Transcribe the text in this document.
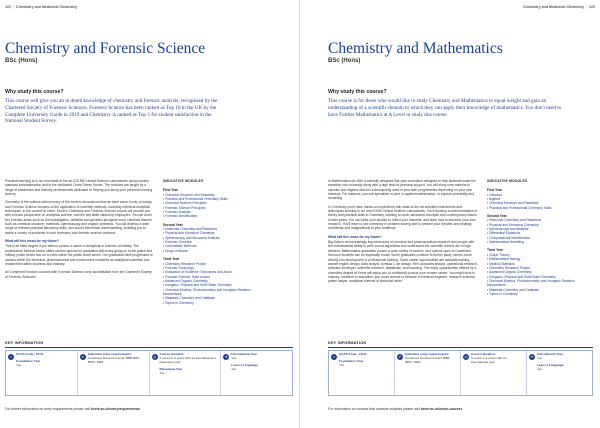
122 | Chemistry and Medicinal Chemistry
Chemistry and Forensic Science
BSc (Hons)
Why study this course?
This course will give you an in depth knowledge of chemistry and forensic analysis, recognised by the Chartered Society of Forensic Sciences. Forensic Science has been ranked as Top 10 in the UK by the Complete University Guide in 2019 and Chemistry is ranked as Top 5 for student satisfaction in the National Student Survey.

Practical teaching is in our new state of the art £25.5M Central Science Laboratories using industry standard instrumentation and in the dedicated Crime Scene House. The modules are taught by a range of academics and industry professionals dedicated to helping you along your personal learning journey.

Chemistry is the science behind many of the modern innovations that we have come to rely on today, and Forensic Science focuses on the application of scientific methods, including chemical analytical techniques, in the context of crime. Keele's Chemistry and Forensic Science course will provide you with a broad perspective on analytical science, and the key skills valued by employers. You will cover key forensic areas such as fire investigation, ballistics and genetics alongside more chemical themes such as chemical structure, materials, spectroscopy and organic synthesis. You will develop a wide range of relevant practical laboratory skills, and sound theoretical understanding, enabling you to tackle a variety of problems in both chemistry and forensic science contexts.

What will this mean for my future?

This is an ideal degree if you wish to pursue a career in analytical or forensic chemistry. The professional forensic sector offers various options for graduates with many going on to the police and military police forces and on to roles within the public crime sector. Our graduates have progressed to careers within the chemical, pharmaceutical and environment industries as analytical scientists and researchers within business and industry.

All Combined Honours courses with Forensic Science carry accreditation from the Chartered Society of Forensic Sciences.

INDICATIVE MODULES
First Year
• Chemical Structure and Reactivity
• Practical and Professional Chemistry Skills
• Chemical Science Principles
• Forensic Science Principles
• Forensic Analysis
• Forensic Identification
Second Year
• Molecular Chemistry and Reactions
• Physical and Structural Chemistry
• Spectroscopy and Advanced Analysis
• Forensic Genetics
• Criminalistic Methods
• Drugs of Abuse
Third Year
• Chemistry Research Project
• Forensic Toxicology
• Evaluation of Evidence: Explosives and Arson
• Forensic Science Team project
• Advanced Organic Chemistry
• Inorganic, Physical and Solid State Chemistry
• Chemical Kinetics, Photochemistry and Inorganic Reaction Mechanisms
• Materials Chemistry and Catalysis
• Topics in Chemistry
KEY INFORMATION
⌖
UCAS Code - FF41
Foundation Year
Yes
✔
Indicative entry requirements:
Combined Honours A level: BBB-BBC IBSC: DDD
◷
Course duration:
3 years or 4 years with an international or placement year
Placement Year
Yes
✈
International Year
Yes
Learn a Language
Yes
For further information on entry requirements please visit keele.ac.uk/entryrequirements
Chemistry and Medicinal Chemistry | 123
Chemistry and Mathematics
BSc (Hons)
Why study this course?
This course is for those who would like to study Chemistry and Mathematics in equal weight and gain an understanding of a scientific domain to which they can apply their knowledge of mathematics. You don't need to have Further Mathematics at A Level to study this course.

In Mathematics we offer a carefully designed first year curriculum designed to help students make the transition into university study with a high level of personal support. You will study core material in calculus and algebra which is subsequently used in your later programmes depending on your own interests. For instance, you can specialise in pure or applied mathematics, or explore probability and modelling.

In Chemistry you'll have hands-on experience with state-of-the-art scientific instruments and techniques working in our new £34M Central Science Laboratories. You'll develop a solid foundation of theory and practical skills in Chemistry, building to cover advanced concepts and contemporary issues in later years. You can tailor your studies to reflect your interests, and learn how to enhance your own research. You'll learn to use chemistry in problem solving and to present your theories and findings confidently and imaginatively to your audience.

What will this mean for my future?

Big Data is an increasingly important area of chemical and pharmaceutical research and people with the mathematical ability to write sound algorithms and understand the scientific context are in high demand. Mathematics graduates pursue a wide variety of careers, and options open to Combined Honours students can be especially broad. Some graduates continue to further study; others move directly into employment or professional training. Some career opportunities are actuarial training, aircraft engine design, data analyst, formula 1 car design, NHS accounts analyst, operational research, software developer, scientific research, statistician, and teaching. The many opportunities offered by a chemistry degree at Keele will equip you to confidently pursue your chosen career. You might work in industry, research or education; you could choose to become a chemical engineer, research scientist, patent lawyer, analytical chemist or technical writer.

INDICATIVE MODULES
First Year
• Calculus
• Algebra
• Chemical Structure and Reactivity
• Practical and Professional Chemistry Skills
Second Year
• Molecular Chemistry and Reactions
• Physical and Structural Chemistry
• Spectroscopy and Analysis
• Differential Equations
• Computational Mathematics
• Mathematical Modelling
Third Year
• Graph Theory
• Mathematical Biology
• Medical Statistics
• Chemistry Research Project
• Advanced Organic Chemistry
• Inorganic, Physical and Solid State Chemistry
• Chemical Kinetics, Photochemistry and Inorganic Reaction Mechanisms
• Materials Chemistry and Catalysis
• Topics in Chemistry
KEY INFORMATION
⌖
UCAS Code - FG11
Foundation Year
Yes
✔
Indicative entry requirements:
Combined Honours A level: BBB IBSC: DDD
◷
Course duration:
3 years or 4 years with an international year
✈
International Year
Yes
Learn a Language
Yes
For information on courses that combine subjects please visit keele.ac.uk/cmbr-courses
